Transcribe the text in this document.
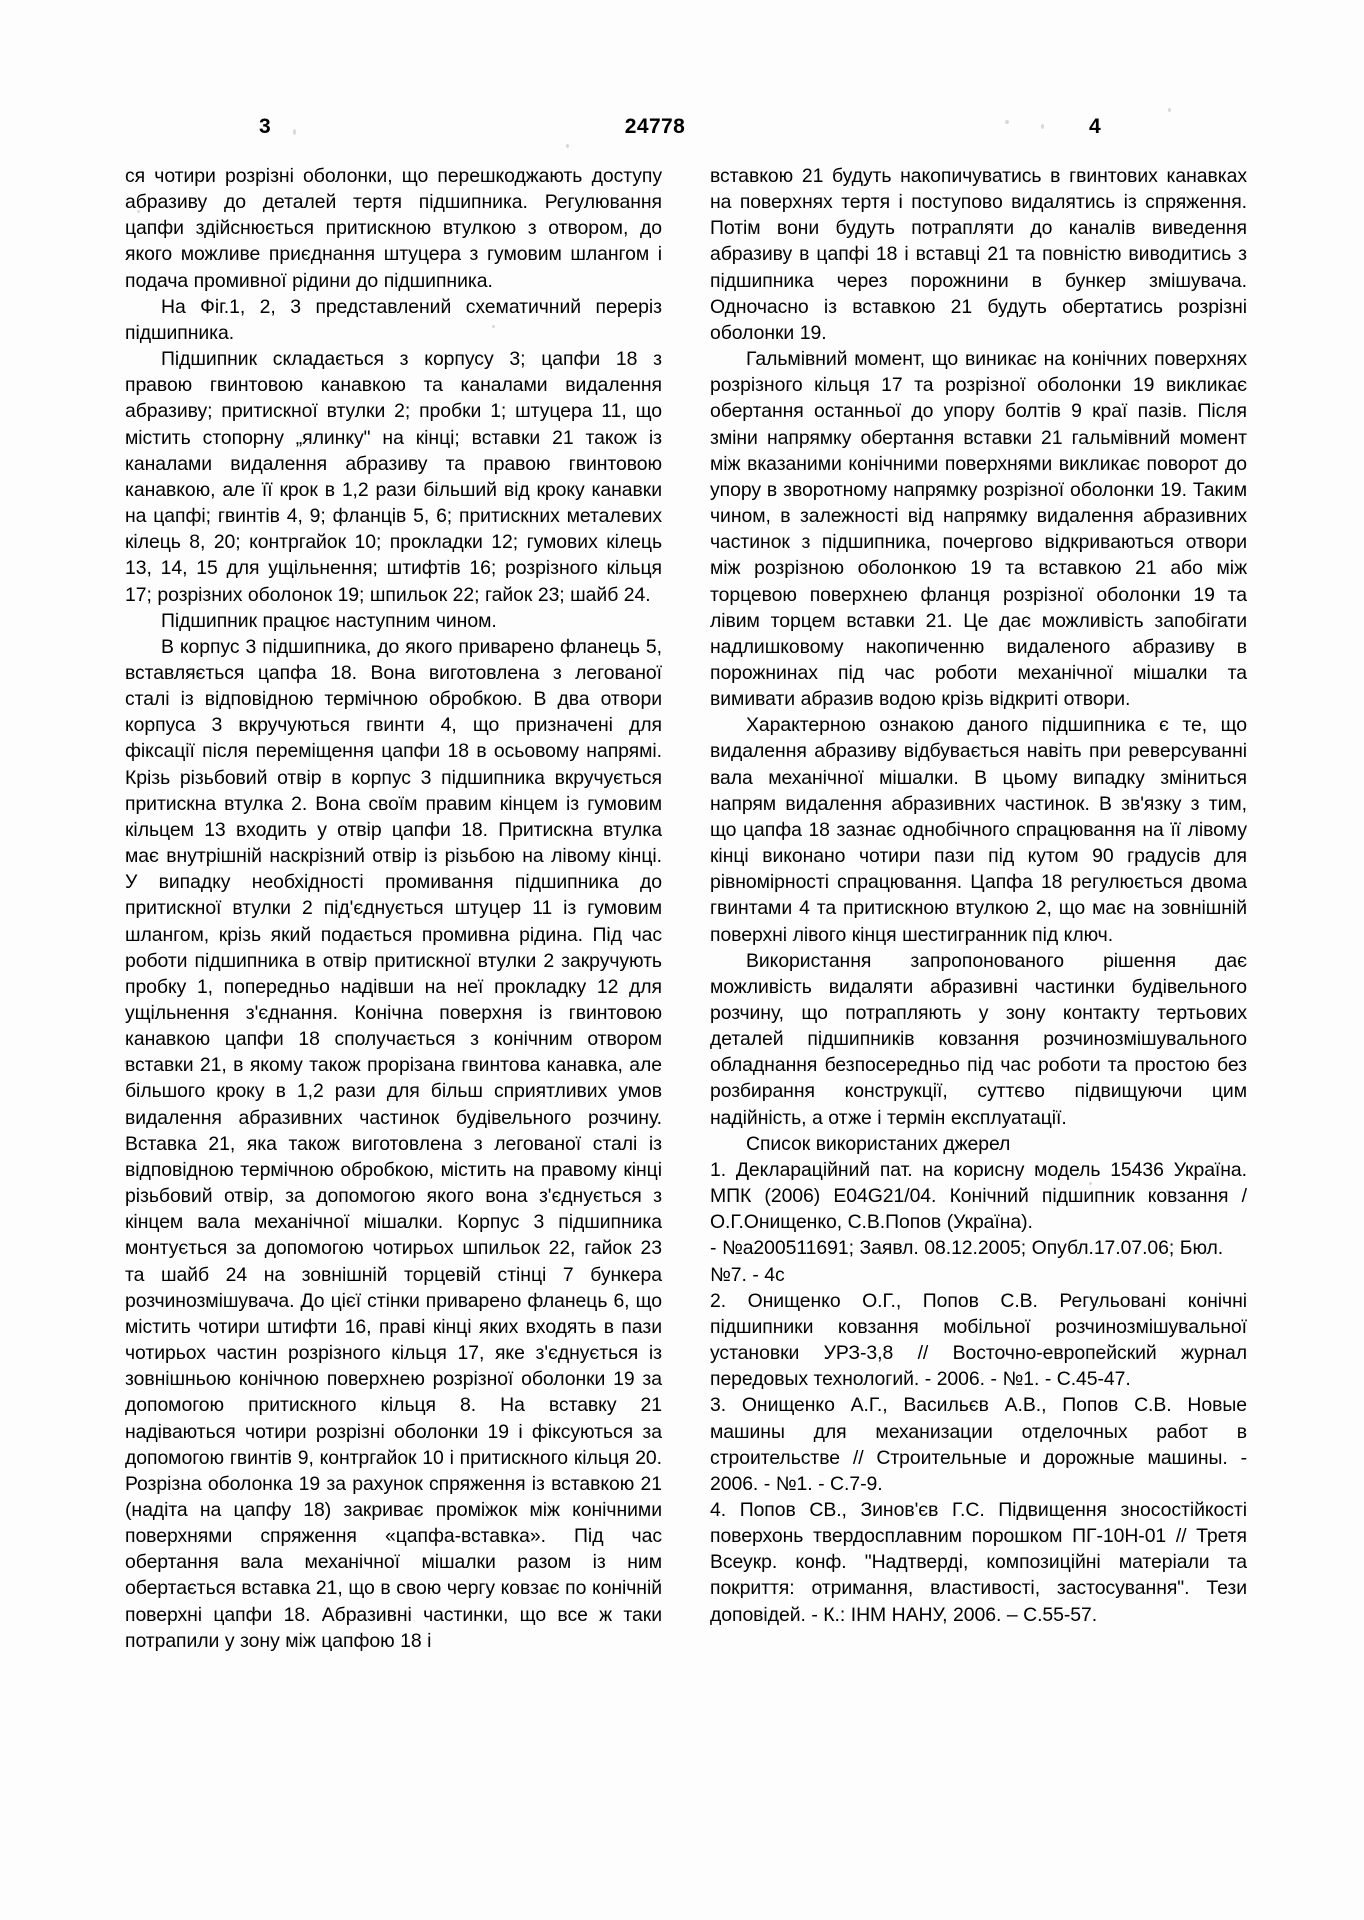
3	24778	4

ся чотири розрізні оболонки, що перешкоджають доступу абразиву до деталей тертя підшипника. Регулювання цапфи здійснюється притискною втулкою з отвором, до якого можливе приєднання штуцера з гумовим шлангом і подача промивної рідини до підшипника.

На Фіг.1, 2, 3 представлений схематичний переріз підшипника.

Підшипник складається з корпусу 3; цапфи 18 з правою гвинтовою канавкою та каналами видалення абразиву; притискної втулки 2; пробки 1; штуцера 11, що містить стопорну „ялинку" на кінці; вставки 21 також із каналами видалення абразиву та правою гвинтовою канавкою, але її крок в 1,2 рази більший від кроку канавки на цапфі; гвинтів 4, 9; фланців 5, 6; притискних металевих кілець 8, 20; контргайок 10; прокладки 12; гумових кілець 13, 14, 15 для ущільнення; штифтів 16; розрізного кільця 17; розрізних оболонок 19; шпильок 22; гайок 23; шайб 24.

Підшипник працює наступним чином.

В корпус 3 підшипника, до якого приварено фланець 5, вставляється цапфа 18. Вона виготовлена з легованої сталі із відповідною термічною обробкою. В два отвори корпуса 3 вкручуються гвинти 4, що призначені для фіксації після переміщення цапфи 18 в осьовому напрямі. Крізь різьбовий отвір в корпус 3 підшипника вкручується притискна втулка 2. Вона своїм правим кінцем із гумовим кільцем 13 входить у отвір цапфи 18. Притискна втулка має внутрішній наскрізний отвір із різьбою на лівому кінці. У випадку необхідності промивання підшипника до притискної втулки 2 під'єднується штуцер 11 із гумовим шлангом, крізь який подається промивна рідина. Під час роботи підшипника в отвір притискної втулки 2 закручують пробку 1, попередньо надівши на неї прокладку 12 для ущільнення з'єднання. Конічна поверхня із гвинтовою канавкою цапфи 18 сполучається з конічним отвором вставки 21, в якому також прорізана гвинтова канавка, але більшого кроку в 1,2 рази для більш сприятливих умов видалення абразивних частинок будівельного розчину. Вставка 21, яка також виготовлена з легованої сталі із відповідною термічною обробкою, містить на правому кінці різьбовий отвір, за допомогою якого вона з'єднується з кінцем вала механічної мішалки. Корпус 3 підшипника монтується за допомогою чотирьох шпильок 22, гайок 23 та шайб 24 на зовнішній торцевій стінці 7 бункера розчинозмішувача. До цієї стінки приварено фланець 6, що містить чотири штифти 16, праві кінці яких входять в пази чотирьох частин розрізного кільця 17, яке з'єднується із зовнішньою конічною поверхнею розрізної оболонки 19 за допомогою притискного кільця 8. На вставку 21 надіваються чотири розрізні оболонки 19 і фіксуються за допомогою гвинтів 9, контргайок 10 і притискного кільця 20. Розрізна оболонка 19 за рахунок спряження із вставкою 21 (надіта на цапфу 18) закриває проміжок між конічними поверхнями спряження «цапфа-вставка». Під час обертання вала механічної мішалки разом із ним обертається вставка 21, що в свою чергу ковзає по конічній поверхні цапфи 18. Абразивні частинки, що все ж таки потрапили у зону між цапфою 18 і

вставкою 21 будуть накопичуватись в гвинтових канавках на поверхнях тертя і поступово видалятись із спряження. Потім вони будуть потрапляти до каналів виведення абразиву в цапфі 18 і вставці 21 та повністю виводитись з підшипника через порожнини в бункер змішувача. Одночасно із вставкою 21 будуть обертатись розрізні оболонки 19.

Гальмівний момент, що виникає на конічних поверхнях розрізного кільця 17 та розрізної оболонки 19 викликає обертання останньої до упору болтів 9 краї пазів. Після зміни напрямку обертання вставки 21 гальмівний момент між вказаними конічними поверхнями викликає поворот до упору в зворотному напрямку розрізної оболонки 19. Таким чином, в залежності від напрямку видалення абразивних частинок з підшипника, почергово відкриваються отвори між розрізною оболонкою 19 та вставкою 21 або між торцевою поверхнею фланця розрізної оболонки 19 та лівим торцем вставки 21. Це дає можливість запобігати надлишковому накопиченню видаленого абразиву в порожнинах під час роботи механічної мішалки та вимивати абразив водою крізь відкриті отвори.

Характерною ознакою даного підшипника є те, що видалення абразиву відбувається навіть при реверсуванні вала механічної мішалки. В цьому випадку зміниться напрям видалення абразивних частинок. В зв'язку з тим, що цапфа 18 зазнає однобічного спрацювання на її лівому кінці виконано чотири пази під кутом 90 градусів для рівномірності спрацювання. Цапфа 18 регулюється двома гвинтами 4 та притискною втулкою 2, що має на зовнішній поверхні лівого кінця шестигранник під ключ.

Використання запропонованого рішення дає можливість видаляти абразивні частинки будівельного розчину, що потрапляють у зону контакту тертьових деталей підшипників ковзання розчинозмішувального обладнання безпосередньо під час роботи та простою без розбирання конструкції, суттєво підвищуючи цим надійність, а отже і термін експлуатації.

Список використаних джерел

1. Деклараційний пат. на корисну модель 15436 Україна. МПК (2006) E04G21/04. Конічний підшипник ковзання / О.Г.Онищенко, С.В.Попов (Україна).

- №а200511691; Заявл. 08.12.2005; Опубл.17.07.06; Бюл. №7. - 4с

2. Онищенко О.Г., Попов С.В. Регульовані конічні підшипники ковзання мобільної розчинозмішувальної установки УРЗ-3,8 // Восточно-европейский журнал передовых технологий. - 2006. - №1. - С.45-47.

3. Онищенко А.Г., Васильєв А.В., Попов С.В. Новые машины для механизации отделочных работ в строительстве // Строительные и дорожные машины. - 2006. - №1. - С.7-9.

4. Попов СВ., Зинов'єв Г.С. Підвищення зносостійкості поверхонь твердосплавним порошком ПГ-10Н-01 // Третя Всеукр. конф. "Надтверді, композиційні матеріали та покриття: отримання, властивості, застосування". Тези доповідей. - К.: ІНМ НАНУ, 2006. – С.55-57.
